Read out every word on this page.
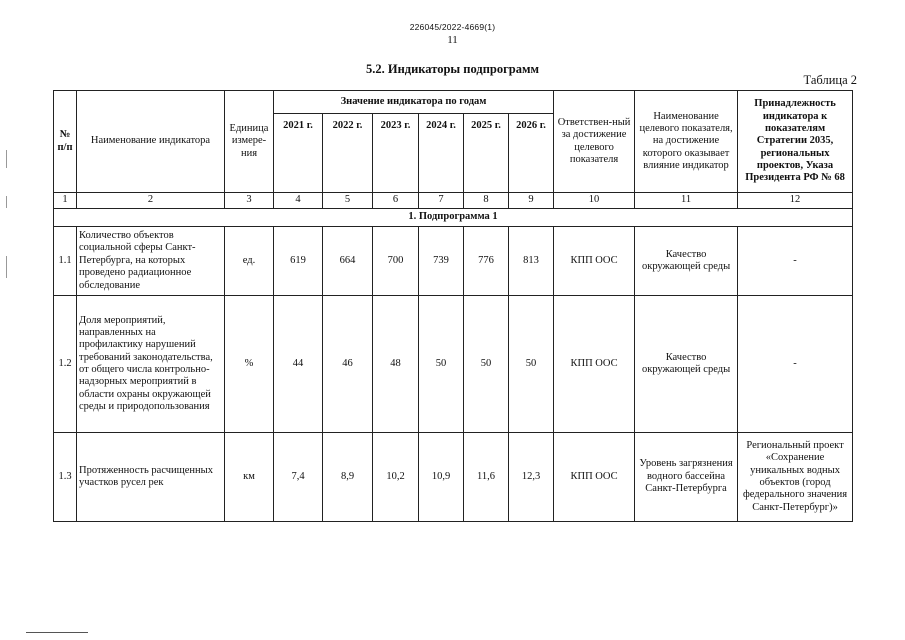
226045/2022-4669(1)
11
5.2. Индикаторы подпрограмм
Таблица 2
№ п/п	Наименование индикатора	Единица измере-ния	Значение индикатора по годам						Ответствен-ный за достижение целевого показателя	Наименование целевого показателя, на достижение которого оказывает влияние индикатор	Принадлежность индикатора к показателям Стратегии 2035, региональных проектов, Указа Президента РФ № 68
			2021 г.	2022 г.	2023 г.	2024 г.	2025 г.	2026 г.			
1	2	3	4	5	6	7	8	9	10	11	12
1. Подпрограмма 1											
1.1	Количество объектов социальной сферы Санкт-Петербурга, на которых проведено радиационное обследование	ед.	619	664	700	739	776	813	КПП ООС	Качество окружающей среды	-
1.2	Доля мероприятий, направленных на профилактику нарушений требований законодательства, от общего числа контрольно-надзорных мероприятий в области охраны окружающей среды и природопользования	%	44	46	48	50	50	50	КПП ООС	Качество окружающей среды	-
1.3	Протяженность расчищенных участков русел рек	км	7,4	8,9	10,2	10,9	11,6	12,3	КПП ООС	Уровень загрязнения водного бассейна Санкт-Петербурга	Региональный проект «Сохранение уникальных водных объектов (город федерального значения Санкт-Петербург)»
